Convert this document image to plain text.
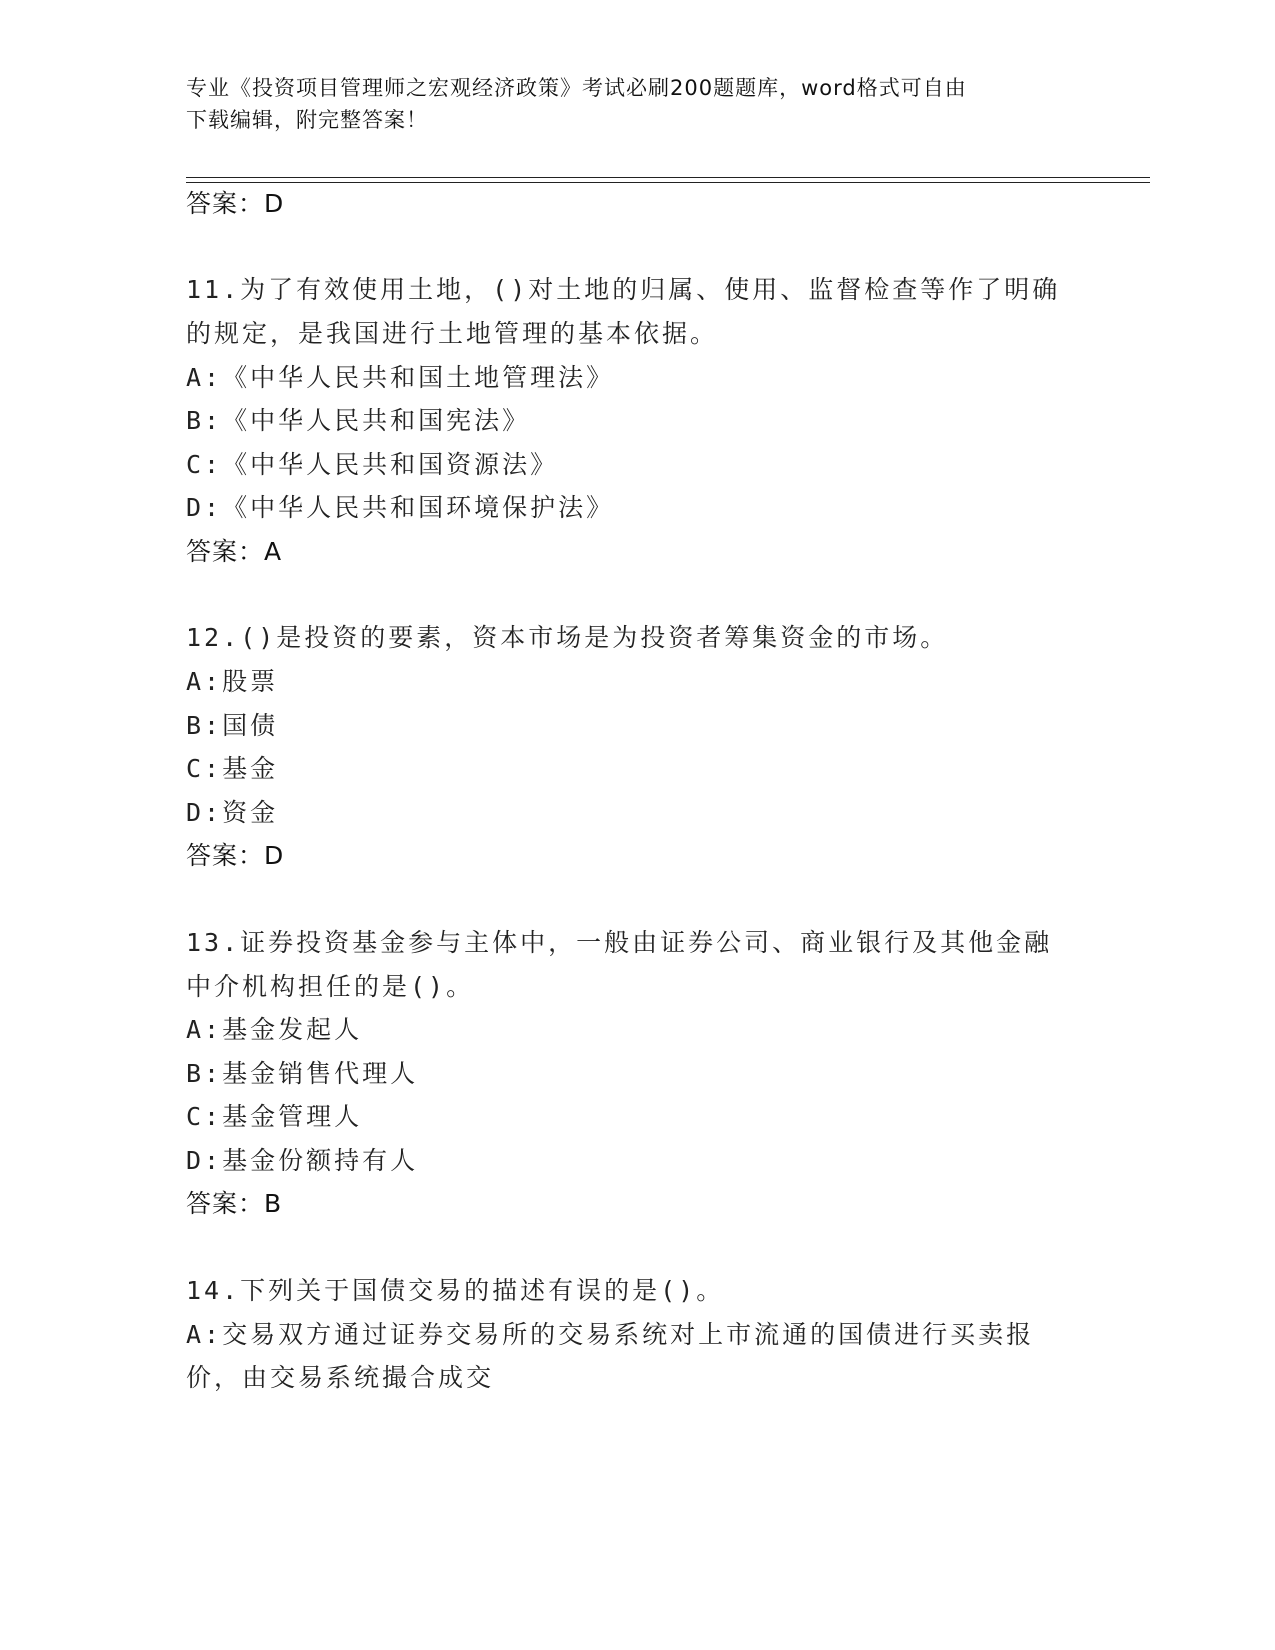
专业《投资项目管理师之宏观经济政策》考试必刷200题题库，word格式可自由
下载编辑，附完整答案！
答案：D
11.为了有效使用土地，()对土地的归属、使用、监督检查等作了明确
的规定，是我国进行土地管理的基本依据。
A:《中华人民共和国土地管理法》
B:《中华人民共和国宪法》
C:《中华人民共和国资源法》
D:《中华人民共和国环境保护法》
答案：A
12.()是投资的要素，资本市场是为投资者筹集资金的市场。
A:股票
B:国债
C:基金
D:资金
答案：D
13.证券投资基金参与主体中，一般由证券公司、商业银行及其他金融
中介机构担任的是()。
A:基金发起人
B:基金销售代理人
C:基金管理人
D:基金份额持有人
答案：B
14.下列关于国债交易的描述有误的是()。
A:交易双方通过证券交易所的交易系统对上市流通的国债进行买卖报
价，由交易系统撮合成交
